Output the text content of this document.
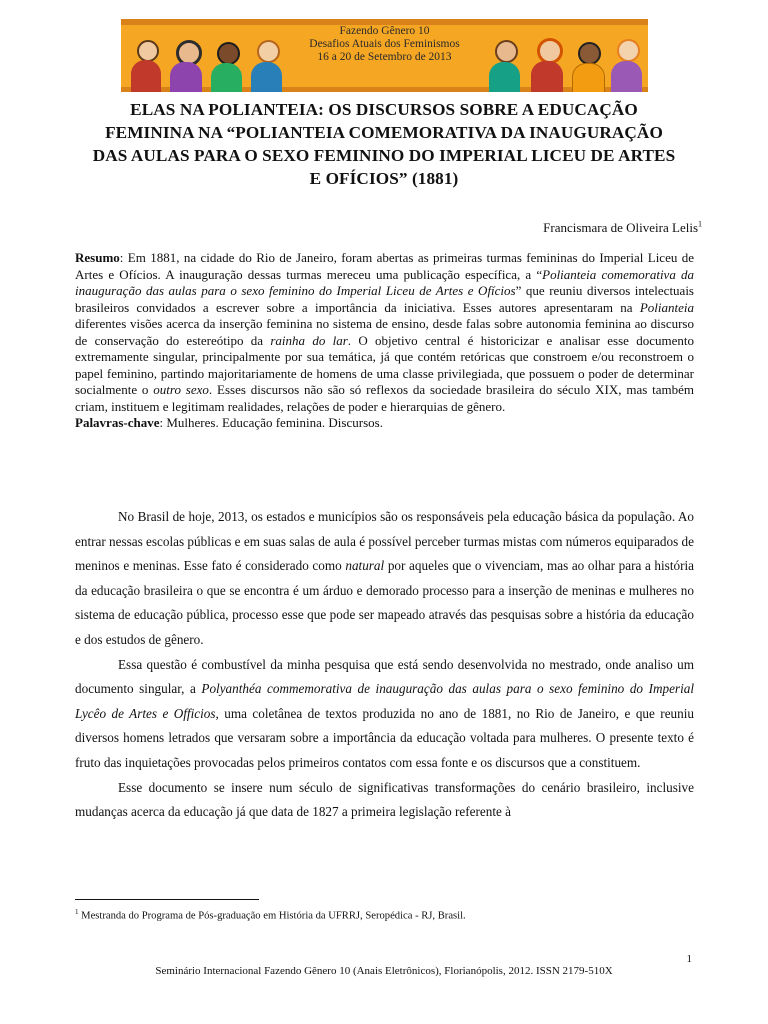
Fazendo Gênero 10
Desafios Atuais dos Feminismos
16 a 20 de Setembro de 2013
ELAS NA POLIANTEIA: OS DISCURSOS SOBRE A EDUCAÇÃO
FEMININA NA “POLIANTEIA COMEMORATIVA DA INAUGURAÇÃO
DAS AULAS PARA O SEXO FEMININO DO IMPERIAL LICEU DE ARTES
E OFÍCIOS” (1881)
Francismara de Oliveira Lelis$^1$

Resumo: Em 1881, na cidade do Rio de Janeiro, foram abertas as primeiras turmas femininas do Imperial Liceu de Artes e Ofícios. A inauguração dessas turmas mereceu uma publicação específica, a “Polianteia comemorativa da inauguração das aulas para o sexo feminino do Imperial Liceu de Artes e Ofícios” que reuniu diversos intelectuais brasileiros convidados a escrever sobre a importância da iniciativa. Esses autores apresentaram na Polianteia diferentes visões acerca da inserção feminina no sistema de ensino, desde falas sobre autonomia feminina ao discurso de conservação do estereótipo da rainha do lar. O objetivo central é historicizar e analisar esse documento extremamente singular, principalmente por sua temática, já que contém retóricas que constroem e/ou reconstroem o papel feminino, partindo majoritariamente de homens de uma classe privilegiada, que possuem o poder de determinar socialmente o outro sexo. Esses discursos não são só reflexos da sociedade brasileira do século XIX, mas também criam, instituem e legitimam realidades, relações de poder e hierarquias de gênero.

Palavras-chave: Mulheres. Educação feminina. Discursos.

No Brasil de hoje, 2013, os estados e municípios são os responsáveis pela educação básica da população. Ao entrar nessas escolas públicas e em suas salas de aula é possível perceber turmas mistas com números equiparados de meninos e meninas. Esse fato é considerado como natural por aqueles que o vivenciam, mas ao olhar para a história da educação brasileira o que se encontra é um árduo e demorado processo para a inserção de meninas e mulheres no sistema de educação pública, processo esse que pode ser mapeado através das pesquisas sobre a história da educação e dos estudos de gênero.

Essa questão é combustível da minha pesquisa que está sendo desenvolvida no mestrado, onde analiso um documento singular, a Polyanthéa commemorativa de inauguração das aulas para o sexo feminino do Imperial Lycêo de Artes e Officios, uma coletânea de textos produzida no ano de 1881, no Rio de Janeiro, e que reuniu diversos homens letrados que versaram sobre a importância da educação voltada para mulheres. O presente texto é fruto das inquietações provocadas pelos primeiros contatos com essa fonte e os discursos que a constituem.

Esse documento se insere num século de significativas transformações do cenário brasileiro, inclusive mudanças acerca da educação já que data de 1827 a primeira legislação referente à

$^1$ Mestranda do Programa de Pós-graduação em História da UFRRJ, Seropédica - RJ, Brasil.
1
Seminário Internacional Fazendo Gênero 10 (Anais Eletrônicos), Florianópolis, 2012. ISSN 2179-510X
